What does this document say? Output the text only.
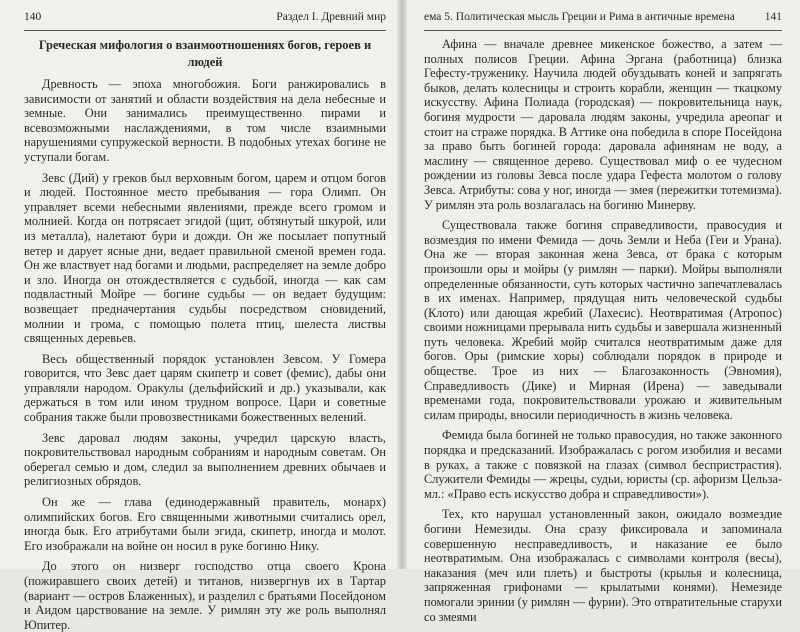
140	Раздел I. Древний мир
Греческая мифология о взаимоотношениях богов, героев и людей

Древность — эпоха многобожия. Боги ранжировались в зависимости от занятий и области воздействия на дела небесные и земные. Они занимались преимущественно пирами и всевозможными наслаждениями, в том числе взаимными нарушениями супружеской верности. В подобных утехах богине не уступали богам.

Зевс (Дий) у греков был верховным богом, царем и отцом богов и людей. Постоянное место пребывания — гора Олимп. Он управляет всеми небесными явлениями, прежде всего громом и молнией. Когда он потрясает эгидой (щит, обтянутый шкурой, или из металла), налетают бури и дожди. Он же посылает попутный ветер и дарует ясные дни, ведает правильной сменой времен года. Он же властвует над богами и людьми, распределяет на земле добро и зло. Иногда он отождествляется с судьбой, иногда — как сам подвластный Мойре — богине судьбы — он ведает будущим: возвещает предначертания судьбы посредством сновидений, молнии и грома, с помощью полета птиц, шелеста листвы священных деревьев.

Весь общественный порядок установлен Зевсом. У Гомера говорится, что Зевс дает царям скипетр и совет (фемис), дабы они управляли народом. Оракулы (дельфийский и др.) указывали, как держаться в том или ином трудном вопросе. Цари и советные собрания также были провозвестниками божественных велений.

Зевс даровал людям законы, учредил царскую власть, покровительствовал народным собраниям и народным советам. Он оберегал семью и дом, следил за выполнением древних обычаев и религиозных обрядов.

Он же — глава (единодержавный правитель, монарх) олимпийских богов. Его священными животными считались орел, иногда бык. Его атрибутами были эгида, скипетр, иногда и молот. Его изображали на войне он носил в руке богиню Нику.

До этого он низверг господство отца своего Крона (пожиравшего своих детей) и титанов, низвергнув их в Тартар (вариант — остров Блаженных), и разделил с братьями Посейдоном и Аидом царствование на земле. У римлян эту же роль выполнял Юпитер.

ема 5. Политическая мысль Греции и Рима в античные времена	141

Афина — вначале древнее микенское божество, а затем — полных полисов Греции. Афина Эргана (работница) близка Гефесту-труженику. Научила людей обуздывать коней и запрягать быков, делать колесницы и строить корабли, женщин — ткацкому искусству. Афина Полиада (городская) — покровительница наук, богиня мудрости — даровала людям законы, учредила ареопаг и стоит на страже порядка. В Аттике она победила в споре Посейдона за право быть богиней города: даровала афинянам не воду, а маслину — священное дерево. Существовал миф о ее чудесном рождении из головы Зевса после удара Гефеста молотом о голову Зевса. Атрибуты: сова у ног, иногда — змея (пережитки тотемизма). У римлян эта роль возлагалась на богиню Минерву.

Существовала также богиня справедливости, правосудия и возмездия по имени Фемида — дочь Земли и Неба (Геи и Урана). Она же — вторая законная жена Зевса, от брака с которым произошли оры и мойры (у римлян — парки). Мойры выполняли определенные обязанности, суть которых частично запечатлевалась в их именах. Например, прядущая нить человеческой судьбы (Клото) или дающая жребий (Лахесис). Неотвратимая (Атропос) своими ножницами прерывала нить судьбы и завершала жизненный путь человека. Жребий мойр считался неотвратимым даже для богов. Оры (римские хоры) соблюдали порядок в природе и обществе. Трое из них — Благозаконность (Эвномия), Справедливость (Дике) и Мирная (Ирена) — заведывали временами года, покровительствовали урожаю и живительным силам природы, вносили периодичность в жизнь человека.

Фемида была богиней не только правосудия, но также законного порядка и предсказаний. Изображалась с рогом изобилия и весами в руках, а также с повязкой на глазах (символ беспристрастия). Служители Фемиды — жрецы, судьи, юристы (ср. афоризм Цельза-мл.: «Право есть искусство добра и справедливости»).

Тех, кто нарушал установленный закон, ожидало возмездие богини Немезиды. Она сразу фиксировала и запоминала совершенную несправедливость, и наказание ее было неотвратимым. Она изображалась с символами контроля (весы), наказания (меч или плеть) и быстроты (крылья и колесница, запряженная грифонами — крылатыми конями). Немезиде помогали эринии (у римлян — фурии). Это отвратительные старухи со змеями
